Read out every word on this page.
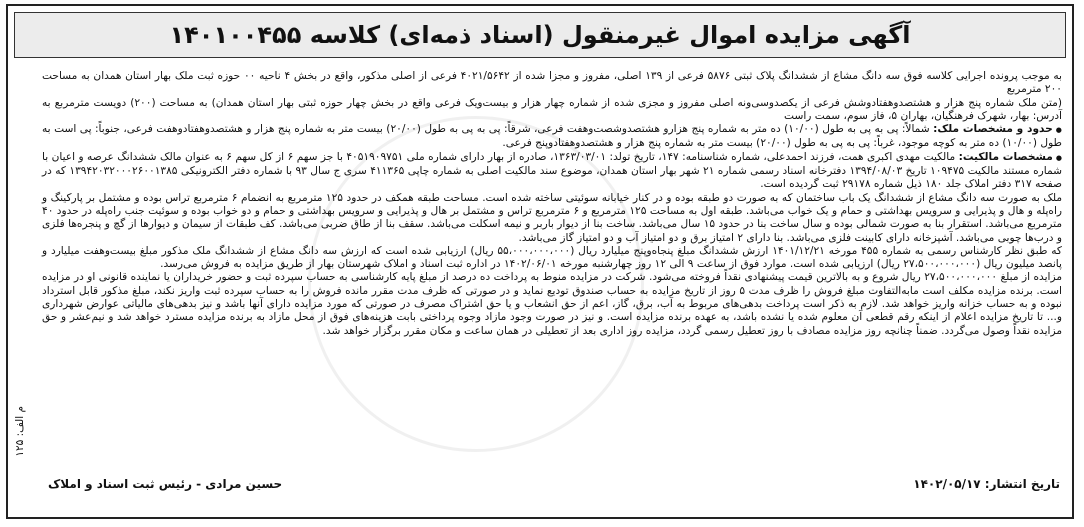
آگهی مزایده اموال غیرمنقول (اسناد ذمه‌ای) کلاسه ۱۴۰۱۰۰۴۵۵

به موجب پرونده اجرایی کلاسه فوق سه دانگ مشاع از ششدانگ پلاک ثبتی ۵۸۷۶ فرعی از ۱۳۹ اصلی، مفروز و مجزا شده از ۴۰۲۱/۵۶۴۲ فرعی از اصلی مذکور، واقع در بخش ۴ ناحیه ۰۰ حوزه ثبت ملک بهار استان همدان به مساحت ۲۰۰ مترمربع

(متن ملک شماره پنج هزار و هشتصدوهفتادوشش فرعی از یکصدوسی‌ونه اصلی مفروز و مجزی شده از شماره چهار هزار و بیست‌ویک فرعی واقع در بخش چهار حوزه ثبتی بهار استان همدان) به مساحت (۲۰۰) دویست مترمربع به آدرس: بهار، شهرک فرهنگیان، بهاران ۵، فاز سوم، سمت راست

● حدود و مشخصات ملک: شمالاً: پی به پی به طول (۱۰/۰۰) ده متر به شماره پنج هزارو هشتصدوشصت‌وهفت فرعی، شرقاً: پی به پی به طول (۲۰/۰۰) بیست متر به شماره پنج هزار و هشتصدوهفتادوهفت فرعی، جنوباً: پی است به طول (۱۰/۰۰) ده متر به کوچه موجود، غرباً: پی به پی به طول (۲۰/۰۰) بیست متر به شماره پنج هزار و هشتصدوهفتادوپنج فرعی.

● مشخصات مالکیت: مالکیت مهدی اکبری همت، فرزند احمدعلی، شماره شناسنامه: ۱۴۷، تاریخ تولد: ۱۳۶۳/۰۳/۰۱، صادره از بهار دارای شماره ملی ۴۰۵۱۹۰۹۷۵۱ با جز سهم ۶ از کل سهم ۶ به عنوان مالک ششدانگ عرصه و اعیان با شماره مستند مالکیت ۱۰۹۴۷۵ تاریخ ۱۳۹۴/۰۸/۰۳ دفترخانه اسناد رسمی شماره ۲۱ شهر بهار استان همدان، موضوع سند مالکیت اصلی به شماره چاپی ۴۱۱۳۶۵ سری ج سال ۹۳ با شماره دفتر الکترونیکی ۱۳۹۴۲۰۳۲۰۰۰۲۶۰۰۱۳۸۵ که در صفحه ۳۱۷ دفتر املاک جلد ۱۸۰ ذیل شماره ۲۹۱۷۸ ثبت گردیده است.

ملک به صورت سه دانگ مشاع از ششدانگ یک باب ساختمان که به صورت دو طبقه بوده و در کنار خیابانه سوئیتی ساخته شده است. مساحت طبقه همکف در حدود ۱۲۵ مترمربع به انضمام ۶ مترمربع تراس بوده و مشتمل بر پارکینگ و راه‌پله و هال و پذیرایی و سرویس بهداشتی و حمام و یک خواب می‌باشد. طبقه اول به مساحت ۱۲۵ مترمربع و ۶ مترمربع تراس و مشتمل بر هال و پذیرایی و سرویس بهداشتی و حمام و دو خواب بوده و سوئیت جنب راه‌پله در حدود ۴۰ مترمربع می‌باشد. استقرار بنا به صورت شمالی بوده و سال ساخت بنا در حدود ۱۵ سال می‌باشد. ساخت بنا از دیوار باربر و نیمه اسکلت می‌باشد. سقف بنا از طاق ضربی می‌باشد. کف طبقات از سیمان و دیوارها از گچ و پنجره‌ها فلزی و درب‌ها چوبی می‌باشد. آشپزخانه دارای کابینت فلزی می‌باشد. بنا دارای ۲ امتیاز برق و دو امتیاز آب و دو امتیاز گاز می‌باشد.

که طبق نظر کارشناس رسمی به شماره ۴۵۵ مورخه ۱۴۰۱/۱۲/۲۱ ارزش ششدانگ مبلغ پنجاه‌وپنج میلیارد ریال (۵۵،۰۰۰،۰۰۰،۰۰۰ ریال) ارزیابی شده است که ارزش سه دانگ مشاع از ششدانگ ملک مذکور مبلغ بیست‌وهفت میلیارد و پانصد میلیون ریال (۲۷،۵۰۰،۰۰۰،۰۰۰ ریال) ارزیابی شده است. موارد فوق از ساعت ۹ الی ۱۲ روز چهارشنبه مورخه ۱۴۰۲/۰۶/۰۱ در اداره ثبت اسناد و املاک شهرستان بهار از طریق مزایده به فروش می‌رسد.

مزایده از مبلغ ۲۷،۵۰۰،۰۰۰،۰۰۰ ریال شروع و به بالاترین قیمت پیشنهادی نقداً فروخته می‌شود. شرکت در مزایده منوط به پرداخت ده درصد از مبلغ پایه کارشناسی به حساب سپرده ثبت و حضور خریداران یا نماینده قانونی او در مزایده است. برنده مزایده مکلف است مابه‌التفاوت مبلغ فروش را ظرف مدت ۵ روز از تاریخ مزایده به حساب صندوق تودیع نماید و در صورتی که ظرف مدت مقرر مانده فروش را به حساب سپرده ثبت واریز نکند، مبلغ مذکور قابل استرداد نبوده و به حساب خزانه واریز خواهد شد. لازم به ذکر است پرداخت بدهی‌های مربوط به آب، برق، گاز، اعم از حق انشعاب و یا حق اشتراک مصرف در صورتی که مورد مزایده دارای آنها باشد و نیز بدهی‌های مالیاتی عوارض شهرداری و... تا تاریخ مزایده اعلام از اینکه رقم قطعی آن معلوم شده یا نشده باشد، به عهده برنده مزایده است. و نیز در صورت وجود مازاد وجوه پرداختی بابت هزینه‌های فوق از محل مازاد به برنده مزایده مسترد خواهد شد و نیم‌عشر و حق مزایده نقداً وصول می‌گردد. ضمناً چنانچه روز مزایده مصادف با روز تعطیل رسمی گردد، مزایده روز اداری بعد از تعطیلی در همان ساعت و مکان مقرر برگزار خواهد شد.

تاریخ انتشار: ۱۴۰۲/۰۵/۱۷
حسین مرادی - رئیس ثبت اسناد و املاک
م الف: ۱۲۵
